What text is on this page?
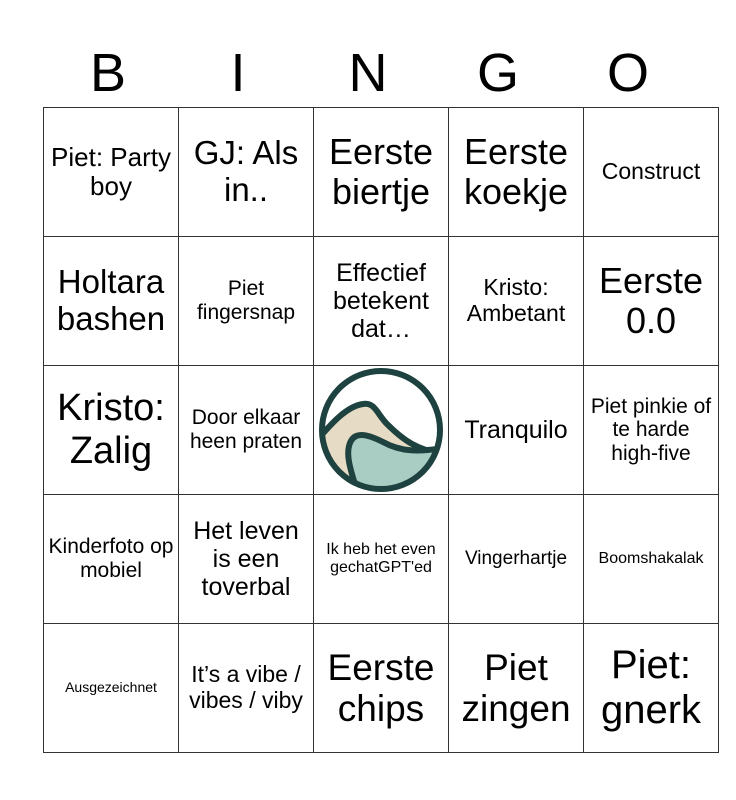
B	I	N	G	O
Piet: Party boy	GJ: Als in..	Eerste biertje	Eerste koekje	Construct
Holtara bashen	Piet fingersnap	Effectief betekent dat…	Kristo: Ambetant	Eerste 0.0
Kristo: Zalig	Door elkaar heen praten		Tranquilo	Piet pinkie of te harde high-five
Kinderfoto op mobiel	Het leven is een toverbal	Ik heb het even gechatGPT'ed	Vingerhartje	Boomshakalak
Ausgezeichnet	It’s a vibe / vibes / viby	Eerste chips	Piet zingen	Piet: gnerk
